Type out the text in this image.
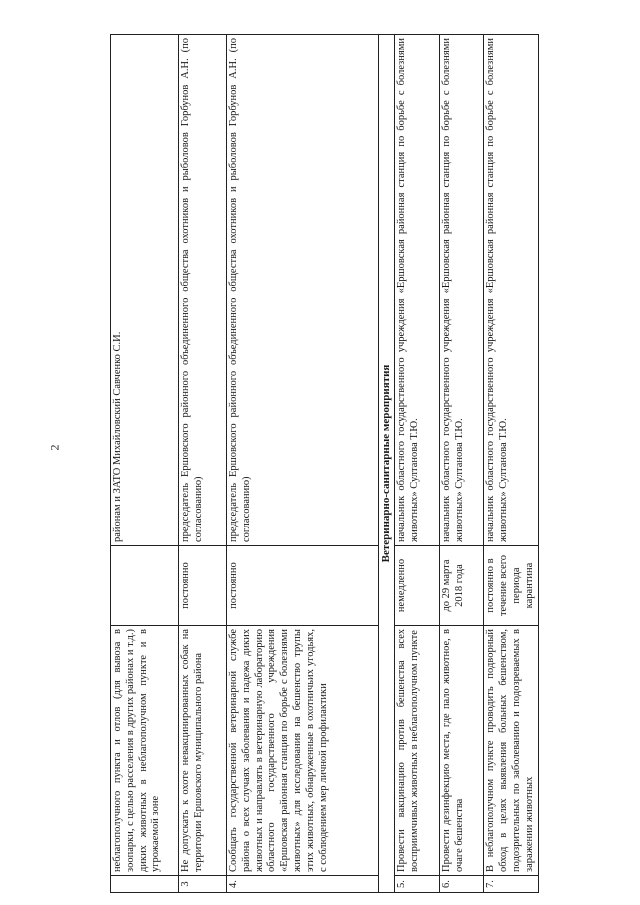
2
	неблагополучного пункта и отлов (для вывоза в зоопарки, с целью расселения в других районах и т.д.) диких животных в неблагополучном пункте и в угрожаемой зоне		районам и ЗАТО Михайловский Савченко С.И.
3	Не допускать к охоте невакцинированных собак на территории Ершовского муниципального района	постоянно	председатель Ершовского районного объединенного общества охотников и рыболовов Горбунов А.Н. (по согласованию)
4.	Сообщать государственной ветеринарной службе района о всех случаях заболевания и падежа диких животных и направлять в ветеринарную лабораторию областного государственного учреждения «Ершовская районная станция по борьбе с болезнями животных» для исследования на бешенство трупы этих животных, обнаруженные в охотничьих угодьях, с соблюдением мер личной профилактики	постоянно	председатель Ершовского районного объединенного общества охотников и рыболовов Горбунов А.Н. (по согласованию)
Ветеринарно-санитарные мероприятия			
5.	Провести вакцинацию против бешенства всех восприимчивых животных в неблагополучном пункте	немедленно	начальник областного государственного учреждения «Ершовская районная станция по борьбе с болезнями животных» Султанова Т.Ю.
6.	Провести дезинфекцию места, где пало животное, в очаге бешенства	до 29 марта 2018 года	начальник областного государственного учреждения «Ершовская районная станция по борьбе с болезнями животных» Султанова Т.Ю.
7.	В неблагополучном пункте проводить подворный обход в целях выявления больных бешенством, подозрительных по заболеванию и подозреваемых в заражении животных	постоянно в течение всего периода карантина	начальник областного государственного учреждения «Ершовская районная станция по борьбе с болезнями животных» Султанова Т.Ю.
